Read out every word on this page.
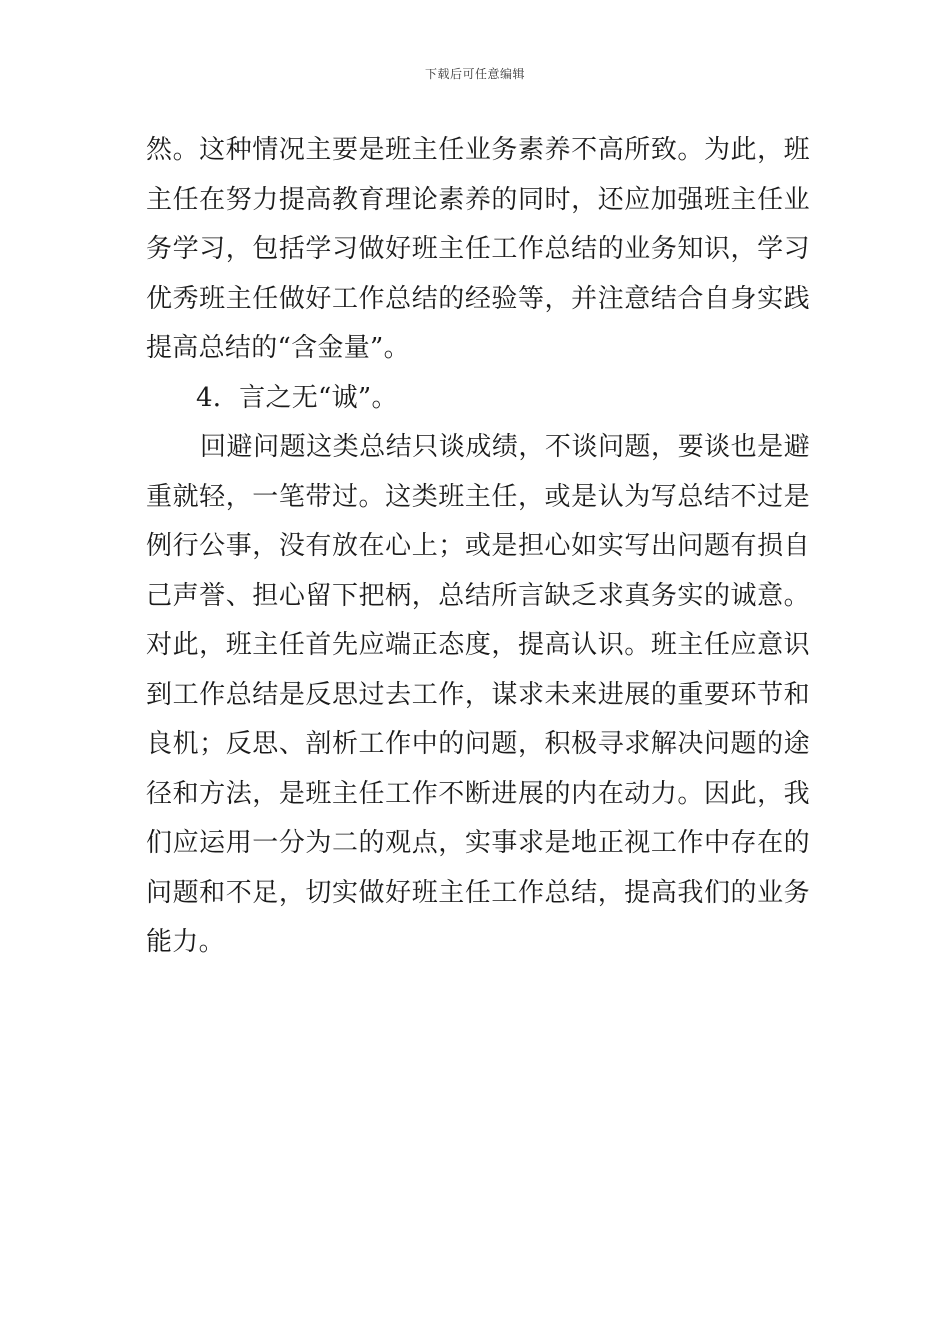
下载后可任意编辑
然。这种情况主要是班主任业务素养不高所致。为此，班
主任在努力提高教育理论素养的同时，还应加强班主任业
务学习，包括学习做好班主任工作总结的业务知识，学习
优秀班主任做好工作总结的经验等，并注意结合自身实践
提高总结的“含金量”。
4．言之无“诚”。
回避问题这类总结只谈成绩，不谈问题，要谈也是避
重就轻，一笔带过。这类班主任，或是认为写总结不过是
例行公事，没有放在心上；或是担心如实写出问题有损自
己声誉、担心留下把柄，总结所言缺乏求真务实的诚意。
对此，班主任首先应端正态度，提高认识。班主任应意识
到工作总结是反思过去工作，谋求未来进展的重要环节和
良机；反思、剖析工作中的问题，积极寻求解决问题的途
径和方法，是班主任工作不断进展的内在动力。因此，我
们应运用一分为二的观点，实事求是地正视工作中存在的
问题和不足，切实做好班主任工作总结，提高我们的业务
能力。
